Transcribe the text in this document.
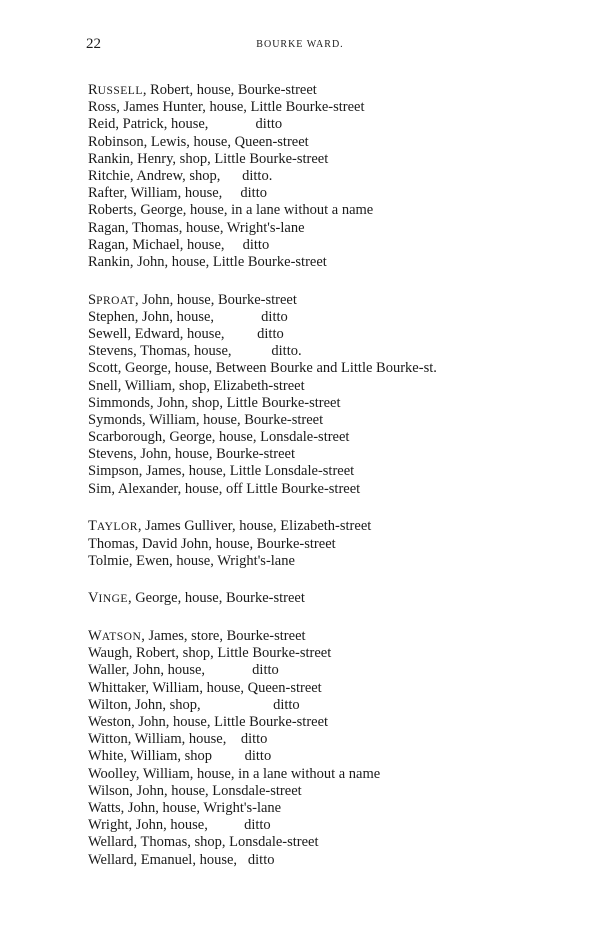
22	BOURKE WARD.
RUSSELL, Robert, house, Bourke-street
Ross, James Hunter, house, Little Bourke-street
Reid, Patrick, house,             ditto
Robinson, Lewis, house, Queen-street
Rankin, Henry, shop, Little Bourke-street
Ritchie, Andrew, shop,      ditto.
Rafter, William, house,     ditto
Roberts, George, house, in a lane without a name
Ragan, Thomas, house, Wright's-lane
Ragan, Michael, house,     ditto
Rankin, John, house, Little Bourke-street
SPROAT, John, house, Bourke-street
Stephen, John, house,             ditto
Sewell, Edward, house,         ditto
Stevens, Thomas, house,           ditto.
Scott, George, house, Between Bourke and Little Bourke-st.
Snell, William, shop, Elizabeth-street
Simmonds, John, shop, Little Bourke-street
Symonds, William, house, Bourke-street
Scarborough, George, house, Lonsdale-street
Stevens, John, house, Bourke-street
Simpson, James, house, Little Lonsdale-street
Sim, Alexander, house, off Little Bourke-street
TAYLOR, James Gulliver, house, Elizabeth-street
Thomas, David John, house, Bourke-street
Tolmie, Ewen, house, Wright's-lane
VINGE, George, house, Bourke-street
WATSON, James, store, Bourke-street
Waugh, Robert, shop, Little Bourke-street
Waller, John, house,             ditto
Whittaker, William, house, Queen-street
Wilton, John, shop,                    ditto
Weston, John, house, Little Bourke-street
Witton, William, house,    ditto
White, William, shop         ditto
Woolley, William, house, in a lane without a name
Wilson, John, house, Lonsdale-street
Watts, John, house, Wright's-lane
Wright, John, house,          ditto
Wellard, Thomas, shop, Lonsdale-street
Wellard, Emanuel, house,   ditto
